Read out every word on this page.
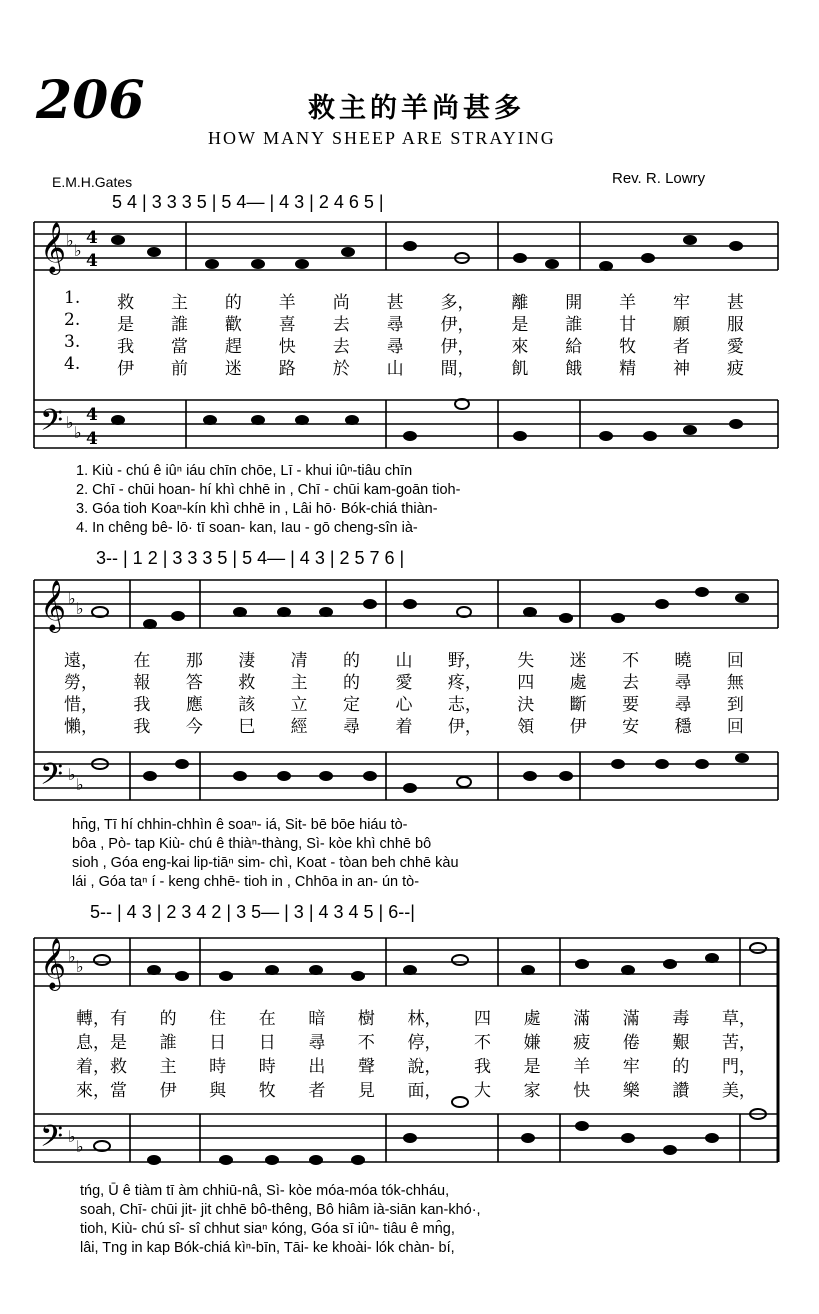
206	救主的羊尚甚多
HOW MANY SHEEP ARE STRAYING
E.M.H.Gates	Rev. R. Lowry
𝄞 ♭
♭
4
4
𝄢 ♭
♭
4
4
𝄞 ♭
♭
𝄢 ♭
♭
𝄞 ♭
♭
𝄢 ♭
♭
5 4 | 3 3 3 5 | 5 4— | 4 3 | 2 4 6 5 |
1. 救 主 的 羊 尚 甚 多， 離 開 羊 牢 甚
2. 是 誰 歡 喜 去 尋 伊， 是 誰 甘 願 服
3. 我 當 趕 快 去 尋 伊， 來 給 牧 者 愛
4. 伊 前 迷 路 於 山 間， 飢 餓 精 神 疲
1. Kiù - chú ê iûⁿ iáu chīn chōe, Lī - khui iûⁿ-tiâu chīn
2. Chī - chūi hoan- hí khì chhē in , Chī - chūi kam-goān tioh-
3. Góa tioh Koaⁿ-kín khì chhē in , Lâi hō· Bók-chiá thiàn-
4. In chêng bê- lō· tī soan- kan, Iau - gō cheng-sîn ià-
3-- | 1 2 | 3 3 3 5 | 5 4— | 4 3 | 2 5 7 6 |
遠， 在 那 淒 凊 的 山 野， 失 迷 不 曉 回
勞， 報 答 救 主 的 愛 疼， 四 處 去 尋 無
惜， 我 應 該 立 定 心 志， 決 斷 要 尋 到
懶， 我 今 巳 經 尋 着 伊， 領 伊 安 穩 回
hn̄g, Tī hí chhin-chhìn ê soaⁿ- iá, Sit- bē bōe hiáu tò-
bôa , Pò- tap Kiù- chú ê thiàⁿ-thàng, Sì- kòe khì chhē bô
sioh , Góa eng-kai lip-tiāⁿ sim- chì, Koat - tòan beh chhē kàu
lái , Góa taⁿ í - keng chhē- tioh in , Chhōa in an- ún tò-
5-- | 4 3 | 2 3 4 2 | 3 5— | 3 | 4 3 4 5 | 6--|
轉，有 的 住 在 暗 樹 林， 四 處 滿 滿 毒 草，
息，是 誰 日 日 尋 不 停， 不 嫌 疲 倦 艱 苦，
着，救 主 時 時 出 聲 說， 我 是 羊 牢 的 門，
來，當 伊 與 牧 者 見 面， 大 家 快 樂 讚 美，
tńg, Ū ê tiàm tī àm chhiū-nâ, Sì- kòe móa-móa tók-chháu,
soah, Chī- chūi jit- jit chhē bô-thêng, Bô hiâm ià-siān kan-khó·,
tioh, Kiù- chú sî- sî chhut siaⁿ kóng, Góa sī iûⁿ- tiâu ê mn̂g,
lâi, Tng in kap Bók-chiá kìⁿ-bīn, Tāi- ke khoài- lók chàn- bí,
